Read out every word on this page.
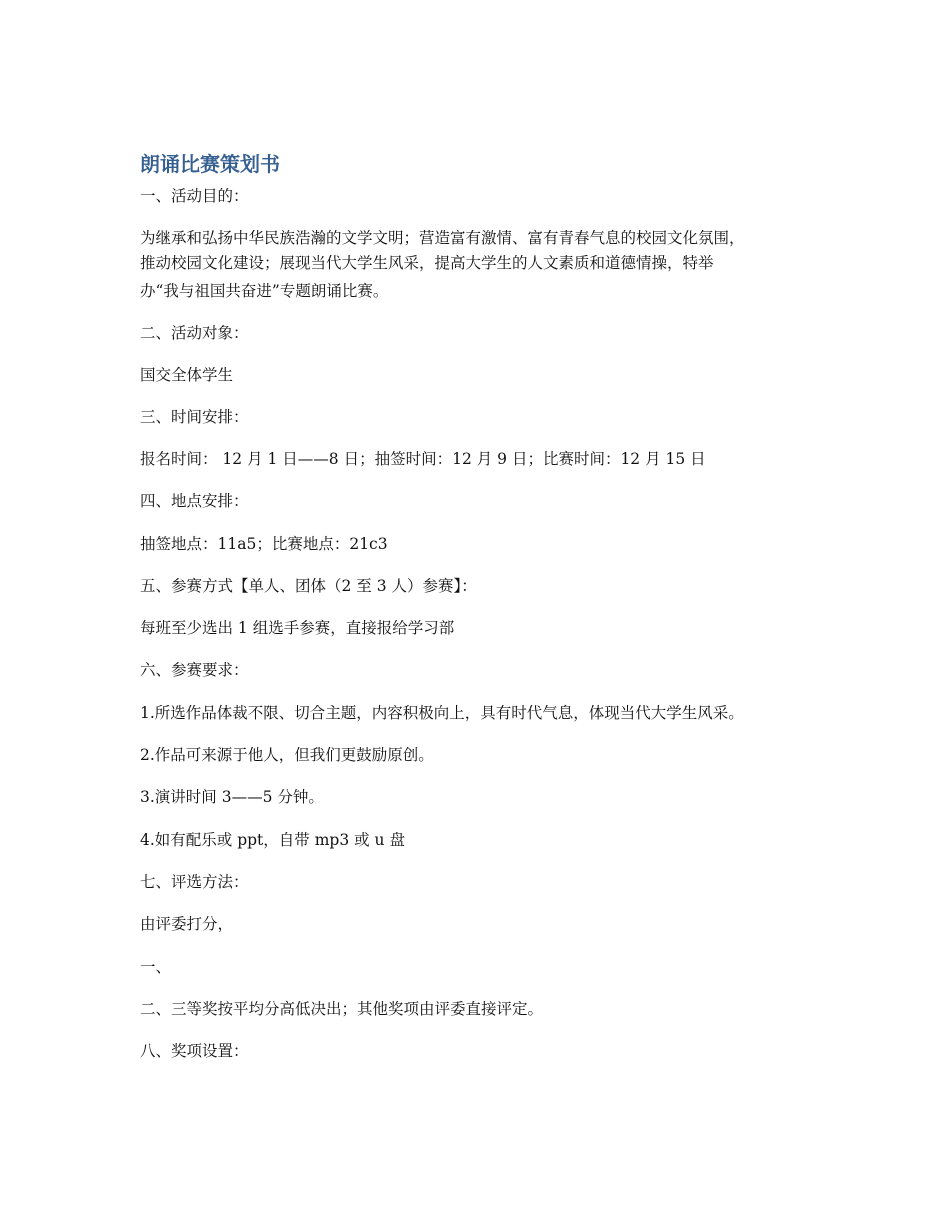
朗诵比赛策划书

一、活动目的：

为继承和弘扬中华民族浩瀚的文学文明；营造富有激情、富有青春气息的校园文化氛围，

推动校园文化建设；展现当代大学生风采，提高大学生的人文素质和道德情操，特举

办“我与祖国共奋进”专题朗诵比赛。

二、活动对象：

国交全体学生

三、时间安排：

报名时间： 12 月 1 日——8 日；抽签时间：12 月 9 日；比赛时间：12 月 15 日

四、地点安排：

抽签地点：11a5；比赛地点：21c3

五、参赛方式【单人、团体（2 至 3 人）参赛】：

每班至少选出 1 组选手参赛，直接报给学习部

六、参赛要求：

1.所选作品体裁不限、切合主题，内容积极向上，具有时代气息，体现当代大学生风采。

2.作品可来源于他人，但我们更鼓励原创。

3.演讲时间 3——5 分钟。

4.如有配乐或 ppt，自带 mp3 或 u 盘

七、评选方法：

由评委打分，

一、

二、三等奖按平均分高低决出；其他奖项由评委直接评定。

八、奖项设置：
